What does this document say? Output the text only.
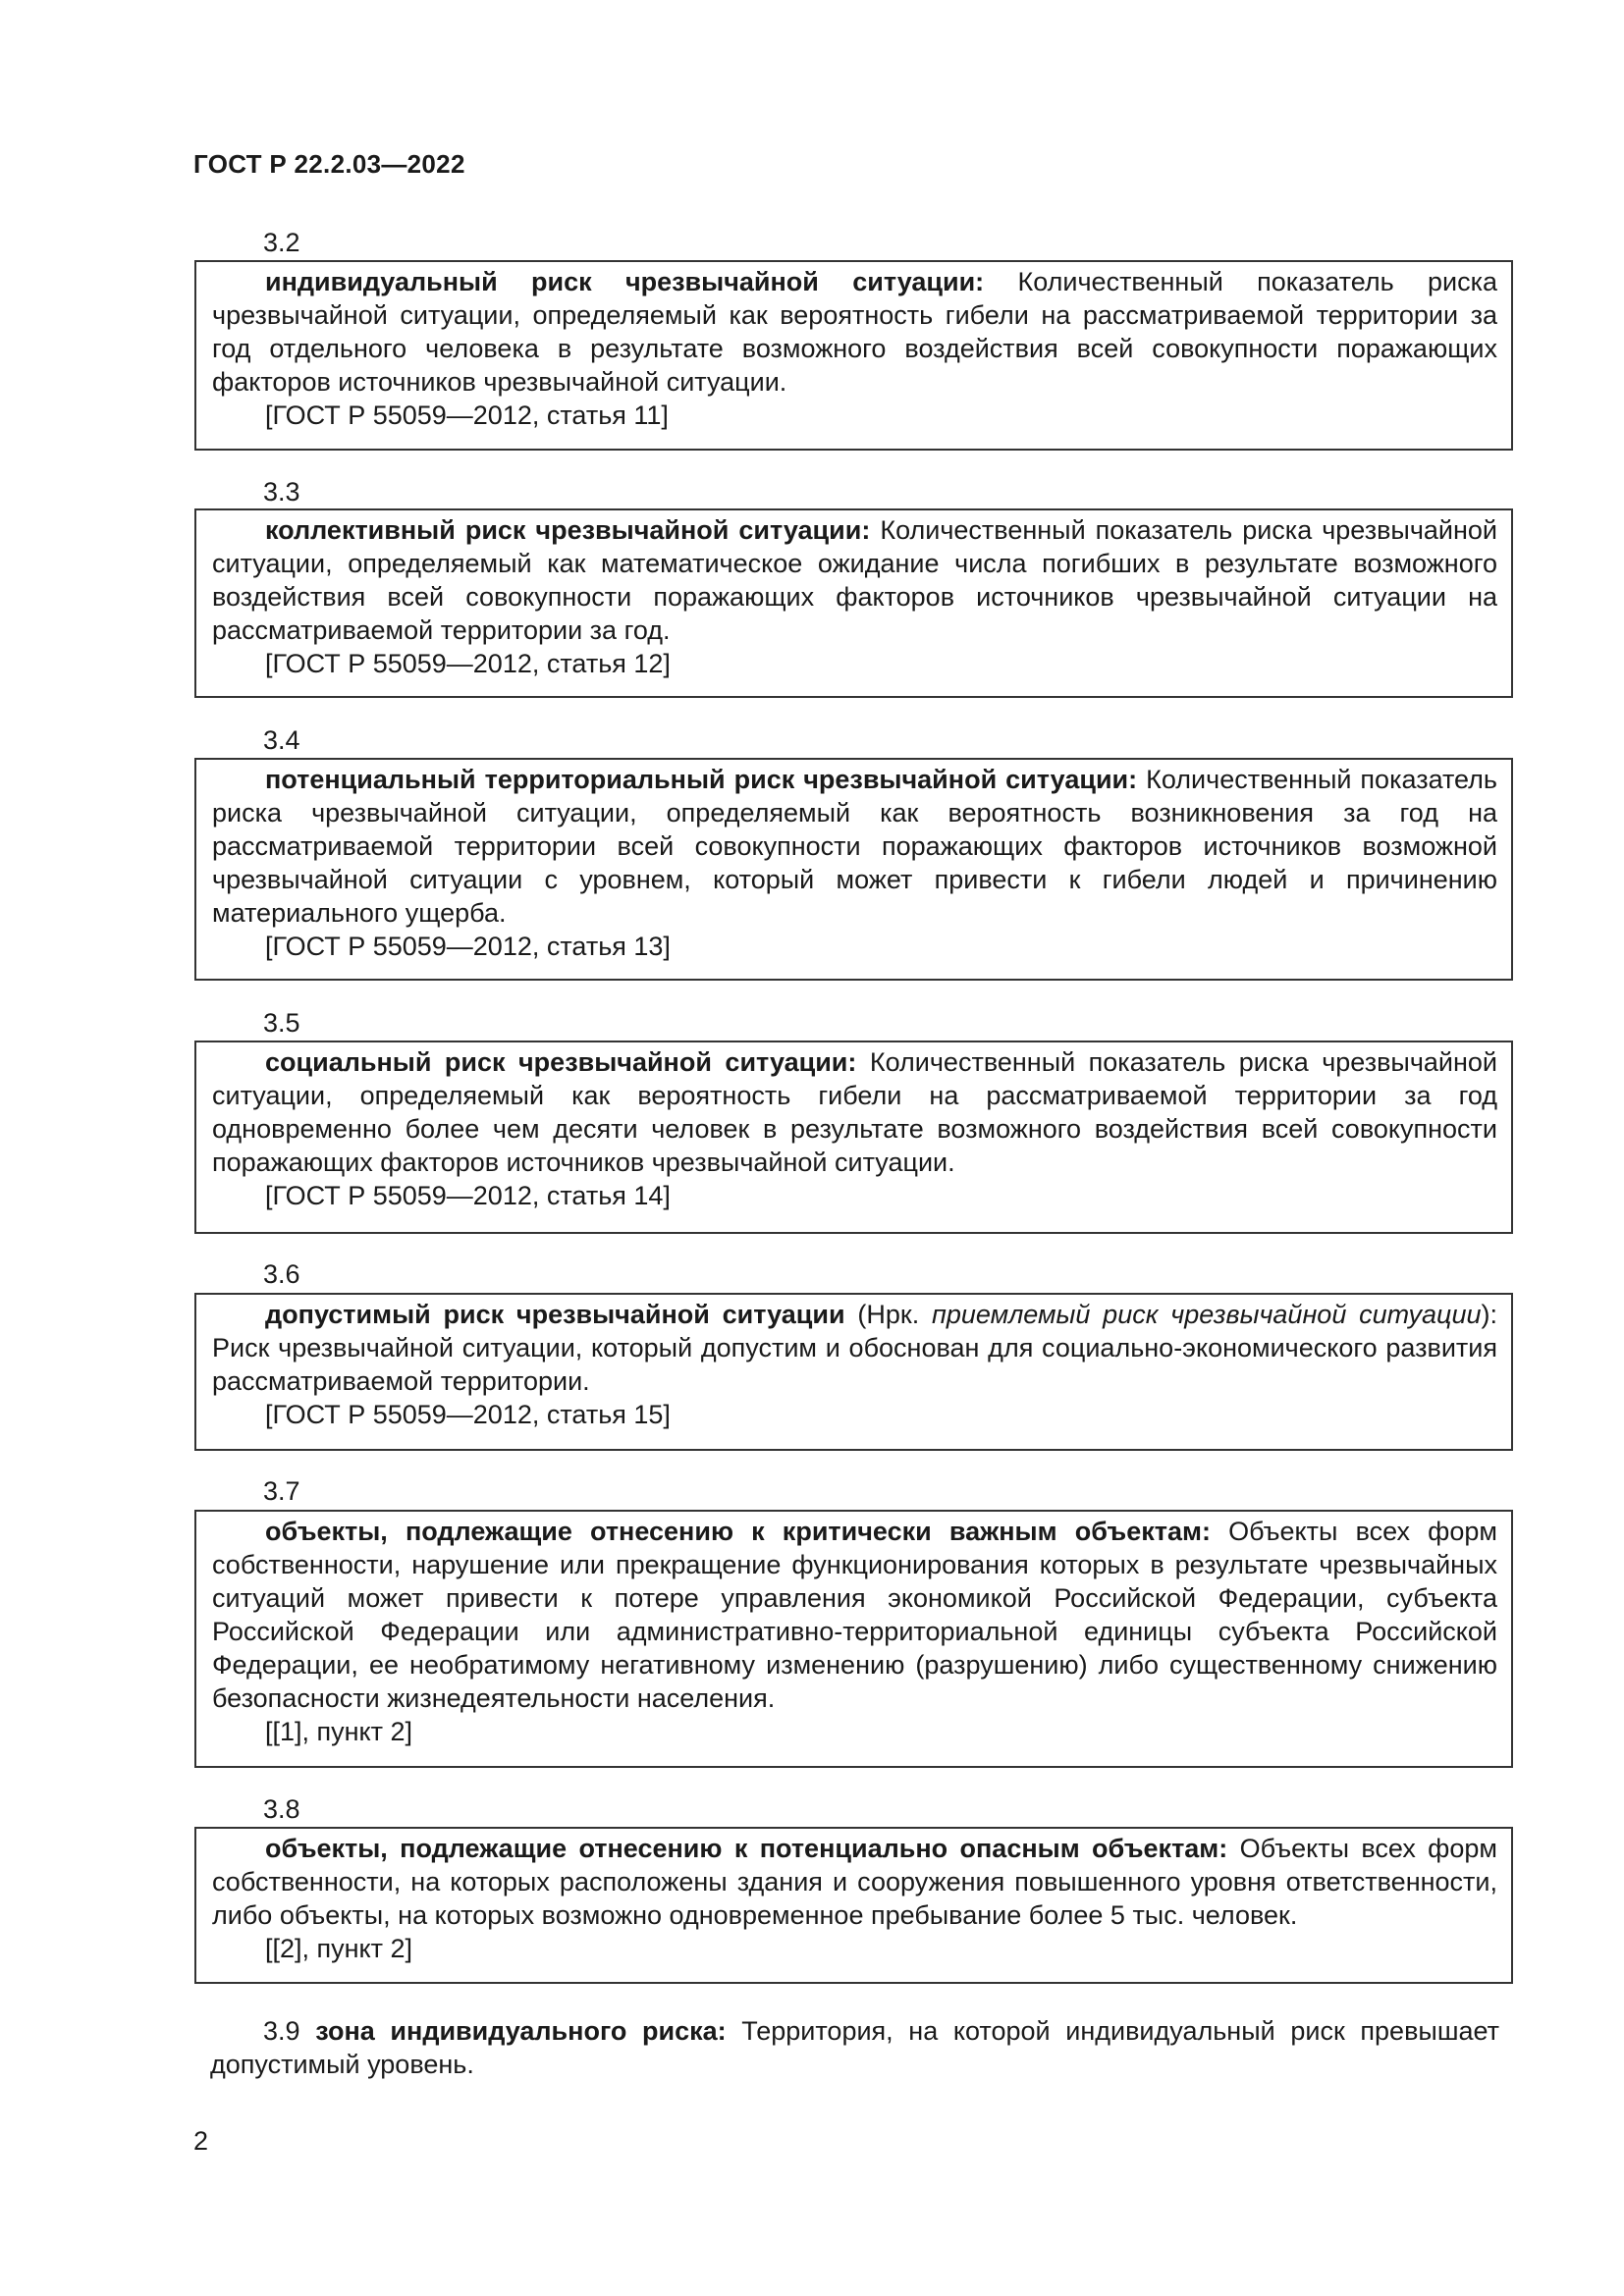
ГОСТ Р 22.2.03—2022
3.2

индивидуальный риск чрезвычайной ситуации: Количественный показатель риска чрезвычайной ситуации, определяемый как вероятность гибели на рассматриваемой территории за год отдельного человека в результате возможного воздействия всей совокупности поражающих факторов источников чрезвычайной ситуации.

[ГОСТ Р 55059—2012, статья 11]

3.3

коллективный риск чрезвычайной ситуации: Количественный показатель риска чрезвычайной ситуации, определяемый как математическое ожидание числа погибших в результате возможного воздействия всей совокупности поражающих факторов источников чрезвычайной ситуации на рассматриваемой территории за год.

[ГОСТ Р 55059—2012, статья 12]

3.4

потенциальный территориальный риск чрезвычайной ситуации: Количественный показатель риска чрезвычайной ситуации, определяемый как вероятность возникновения за год на рассматриваемой территории всей совокупности поражающих факторов источников возможной чрезвычайной ситуации с уровнем, который может привести к гибели людей и причинению материального ущерба.

[ГОСТ Р 55059—2012, статья 13]

3.5

социальный риск чрезвычайной ситуации: Количественный показатель риска чрезвычайной ситуации, определяемый как вероятность гибели на рассматриваемой территории за год одновременно более чем десяти человек в результате возможного воздействия всей совокупности поражающих факторов источников чрезвычайной ситуации.

[ГОСТ Р 55059—2012, статья 14]

3.6

допустимый риск чрезвычайной ситуации (Нрк. приемлемый риск чрезвычайной ситуации): Риск чрезвычайной ситуации, который допустим и обоснован для социально-экономического развития рассматриваемой территории.

[ГОСТ Р 55059—2012, статья 15]

3.7

объекты, подлежащие отнесению к критически важным объектам: Объекты всех форм собственности, нарушение или прекращение функционирования которых в результате чрезвычайных ситуаций может привести к потере управления экономикой Российской Федерации, субъекта Российской Федерации или административно-территориальной единицы субъекта Российской Федерации, ее необратимому негативному изменению (разрушению) либо существенному снижению безопасности жизнедеятельности населения.

[[1], пункт 2]

3.8

объекты, подлежащие отнесению к потенциально опасным объектам: Объекты всех форм собственности, на которых расположены здания и сооружения повышенного уровня ответственности, либо объекты, на которых возможно одновременное пребывание более 5 тыс. человек.

[[2], пункт 2]

3.9 зона индивидуального риска: Территория, на которой индивидуальный риск превышает допустимый уровень.
2
